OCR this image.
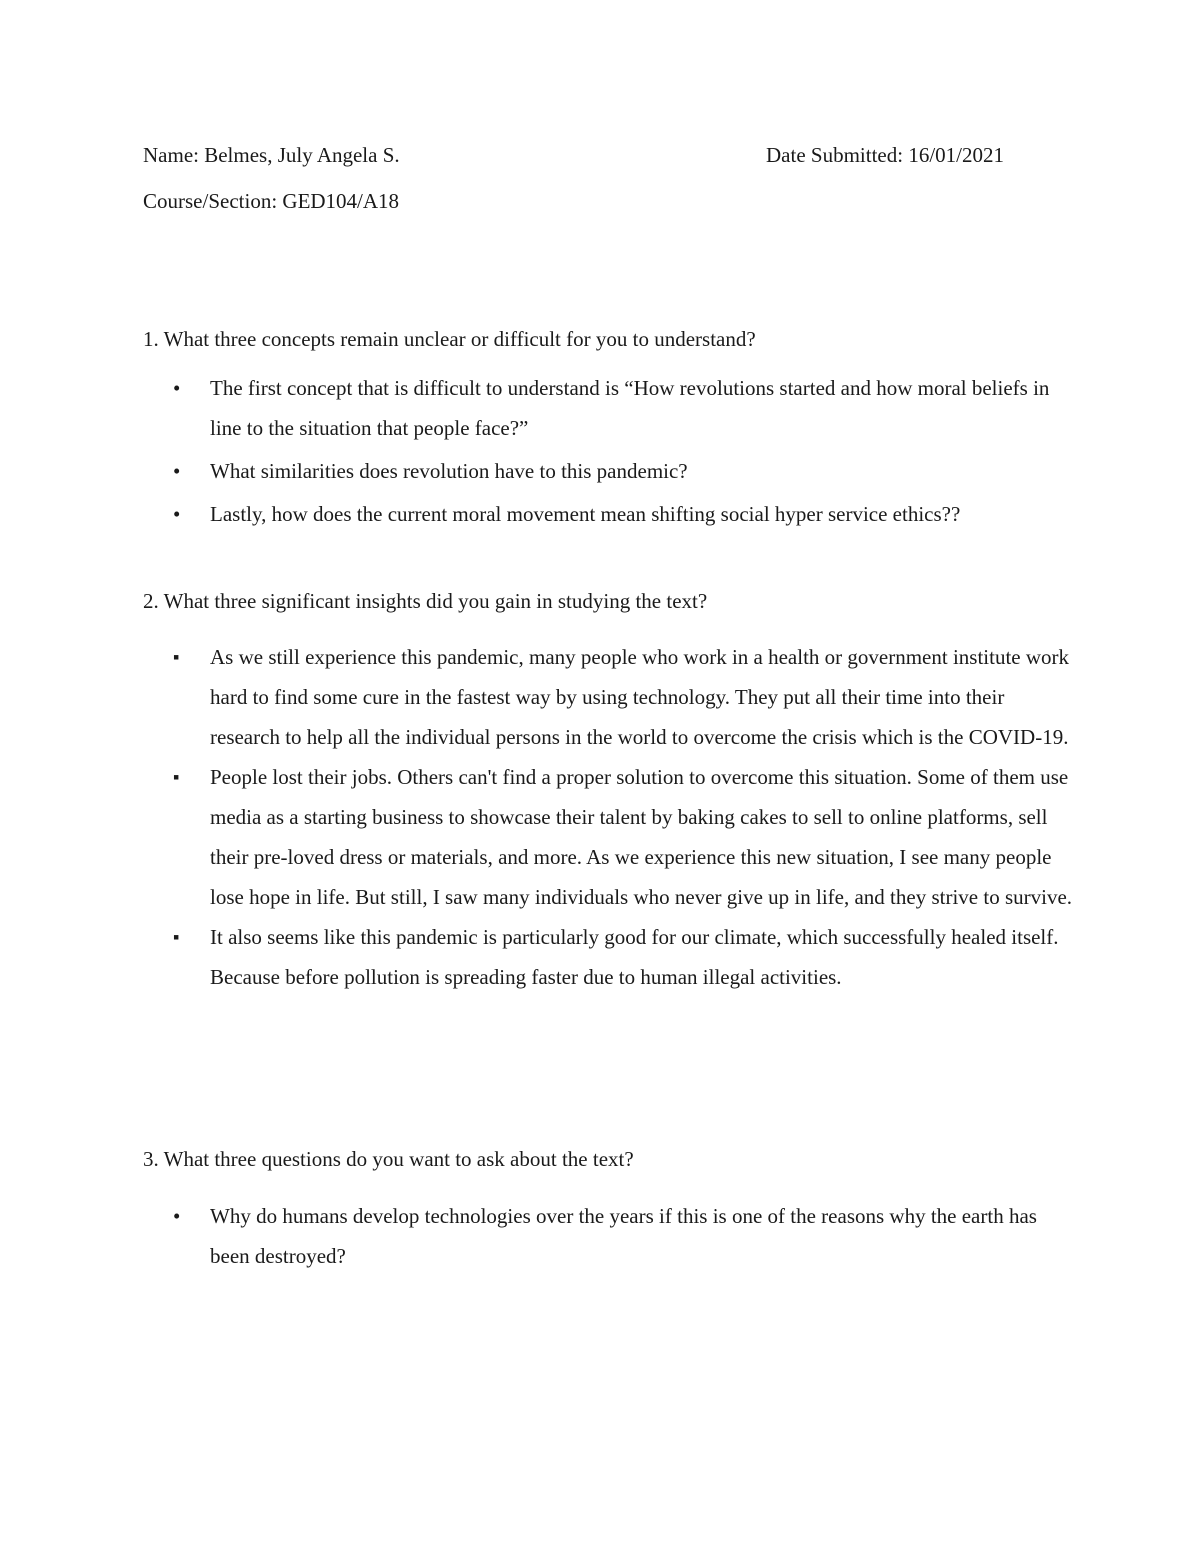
Name: Belmes, July Angela S.	Date Submitted: 16/01/2021
Course/Section: GED104/A18
1. What three concepts remain unclear or difficult for you to understand?
• The first concept that is difficult to understand is “How revolutions started and how moral beliefs in line to the situation that people face?”
• What similarities does revolution have to this pandemic?
• Lastly, how does the current moral movement mean shifting social hyper service ethics??
2. What three significant insights did you gain in studying the text?
▪ As we still experience this pandemic, many people who work in a health or government institute work hard to find some cure in the fastest way by using technology. They put all their time into their research to help all the individual persons in the world to overcome the crisis which is the COVID-19.
▪ People lost their jobs. Others can't find a proper solution to overcome this situation. Some of them use media as a starting business to showcase their talent by baking cakes to sell to online platforms, sell their pre-loved dress or materials, and more. As we experience this new situation, I see many people lose hope in life. But still, I saw many individuals who never give up in life, and they strive to survive.
▪ It also seems like this pandemic is particularly good for our climate, which successfully healed itself. Because before pollution is spreading faster due to human illegal activities.
3. What three questions do you want to ask about the text?
• Why do humans develop technologies over the years if this is one of the reasons why the earth has been destroyed?
